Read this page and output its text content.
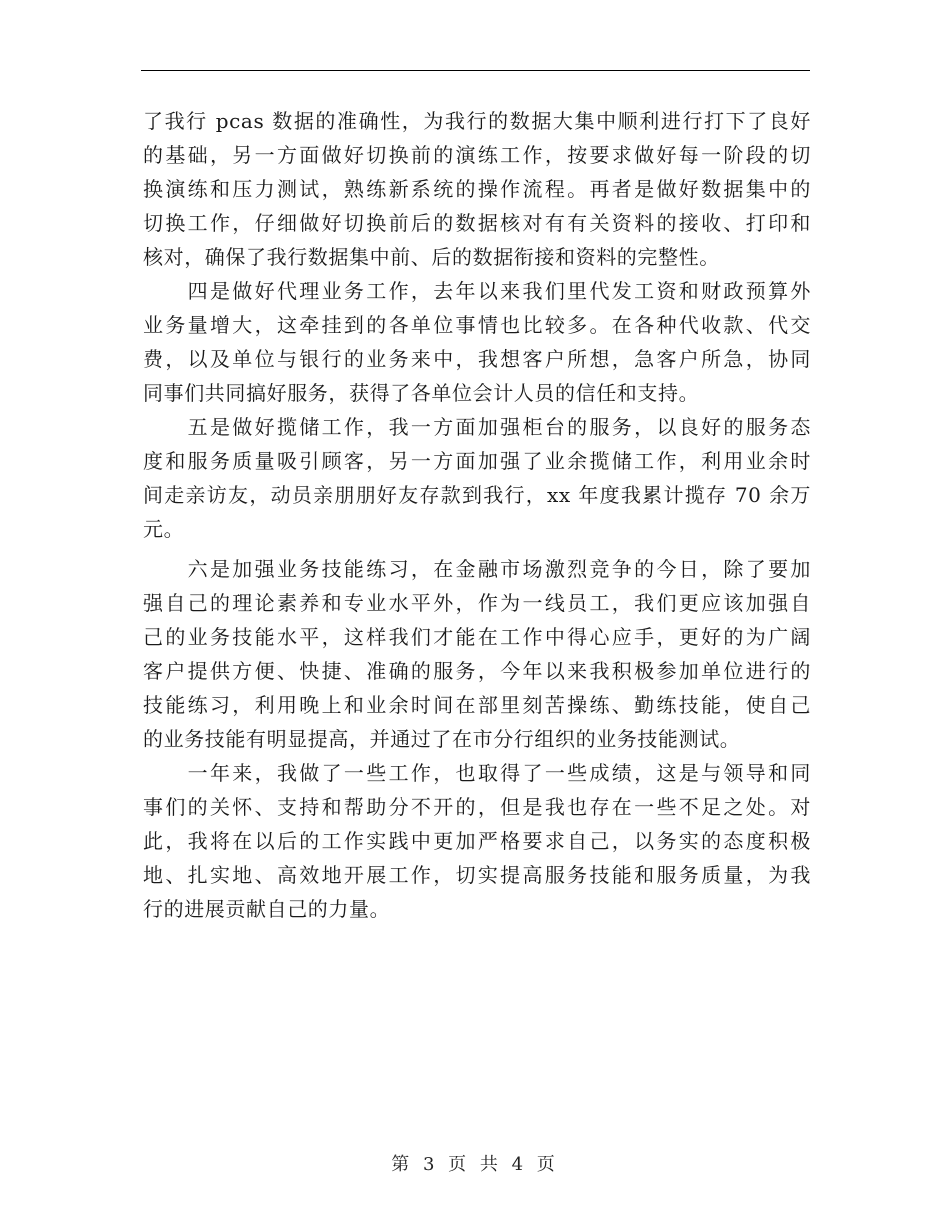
了我行 pcas 数据的准确性，为我行的数据大集中顺利进行打下了良好
的基础，另一方面做好切换前的演练工作，按要求做好每一阶段的切
换演练和压力测试，熟练新系统的操作流程。再者是做好数据集中的
切换工作，仔细做好切换前后的数据核对有有关资料的接收、打印和
核对，确保了我行数据集中前、后的数据衔接和资料的完整性。
　　四是做好代理业务工作，去年以来我们里代发工资和财政预算外
业务量增大，这牵挂到的各单位事情也比较多。在各种代收款、代交
费，以及单位与银行的业务来中，我想客户所想，急客户所急，协同
同事们共同搞好服务，获得了各单位会计人员的信任和支持。
　　五是做好揽储工作，我一方面加强柜台的服务，以良好的服务态
度和服务质量吸引顾客，另一方面加强了业余揽储工作，利用业余时
间走亲访友，动员亲朋朋好友存款到我行，xx 年度我累计揽存 70 余万
元。
　　六是加强业务技能练习，在金融市场激烈竞争的今日，除了要加
强自己的理论素养和专业水平外，作为一线员工，我们更应该加强自
己的业务技能水平，这样我们才能在工作中得心应手，更好的为广阔
客户提供方便、快捷、准确的服务，今年以来我积极参加单位进行的
技能练习，利用晚上和业余时间在部里刻苦操练、勤练技能，使自己
的业务技能有明显提高，并通过了在市分行组织的业务技能测试。
　　一年来，我做了一些工作，也取得了一些成绩，这是与领导和同
事们的关怀、支持和帮助分不开的，但是我也存在一些不足之处。对
此，我将在以后的工作实践中更加严格要求自己，以务实的态度积极
地、扎实地、高效地开展工作，切实提高服务技能和服务质量，为我
行的进展贡献自己的力量。
第 3 页 共 4 页
